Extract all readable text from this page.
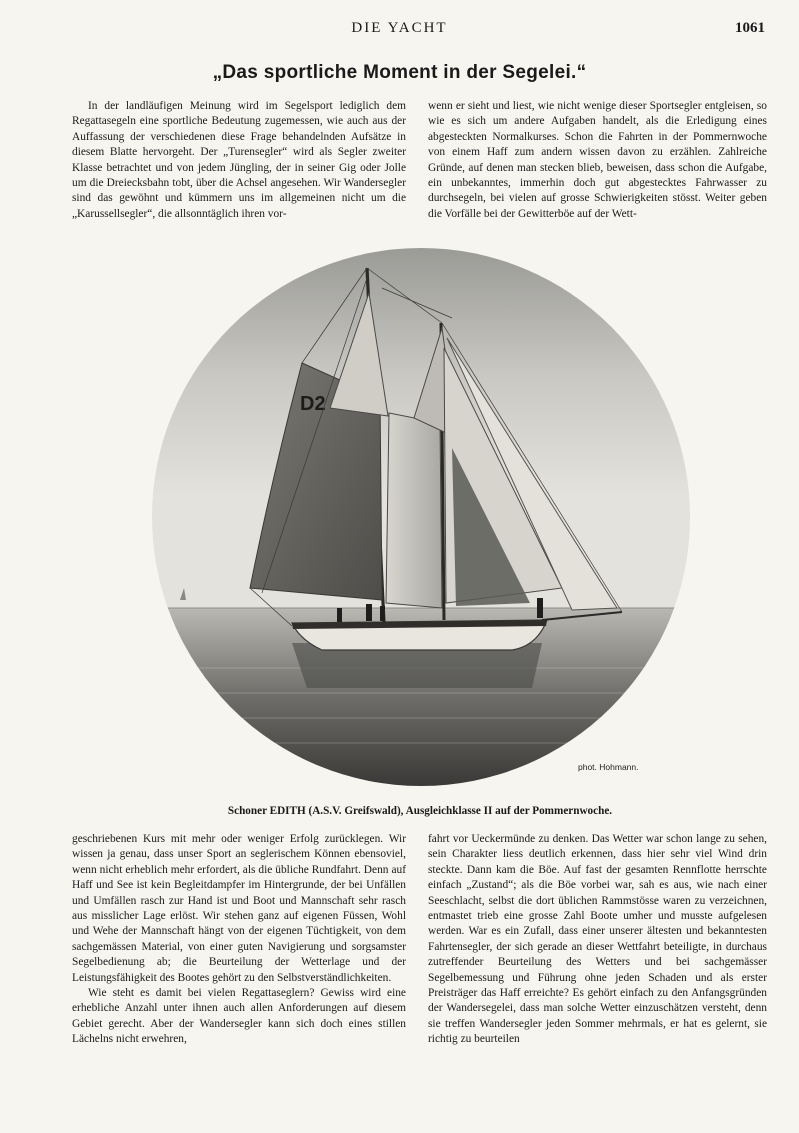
DIE YACHT	1061
„Das sportliche Moment in der Segelei.“

In der landläufigen Meinung wird im Segelsport lediglich dem Regattasegeln eine sportliche Bedeutung zugemessen, wie auch aus der Auffassung der verschiedenen diese Frage behandelnden Aufsätze in diesem Blatte hervorgeht. Der „Turensegler“ wird als Segler zweiter Klasse betrachtet und von jedem Jüngling, der in seiner Gig oder Jolle um die Dreiecksbahn tobt, über die Achsel angesehen. Wir Wandersegler sind das gewöhnt und kümmern uns im allgemeinen nicht um die „Karussellsegler“, die allsonntäglich ihren vor-

wenn er sieht und liest, wie nicht wenige dieser Sportsegler entgleisen, so wie es sich um andere Aufgaben handelt, als die Erledigung eines abgesteckten Normalkurses. Schon die Fahrten in der Pommernwoche von einem Haff zum andern wissen davon zu erzählen. Zahlreiche Gründe, auf denen man stecken blieb, beweisen, dass schon die Aufgabe, ein unbekanntes, immerhin doch gut abgestecktes Fahrwasser zu durchsegeln, bei vielen auf grosse Schwierigkeiten stösst. Weiter geben die Vorfälle bei der Gewitterböe auf der Wett-

D2
phot. Hohmann.
Schoner EDITH (A.S.V. Greifswald), Ausgleichklasse II auf der Pommernwoche.

geschriebenen Kurs mit mehr oder weniger Erfolg zurücklegen. Wir wissen ja genau, dass unser Sport an seglerischem Können ebensoviel, wenn nicht erheblich mehr erfordert, als die übliche Rundfahrt. Denn auf Haff und See ist kein Begleitdampfer im Hintergrunde, der bei Unfällen und Umfällen rasch zur Hand ist und Boot und Mannschaft sehr rasch aus misslicher Lage erlöst. Wir stehen ganz auf eigenen Füssen, Wohl und Wehe der Mannschaft hängt von der eigenen Tüchtigkeit, von dem sachgemässen Material, von einer guten Navigierung und sorgsamster Segelbedienung ab; die Beurteilung der Wetterlage und der Leistungsfähigkeit des Bootes gehört zu den Selbstverständlichkeiten.

Wie steht es damit bei vielen Regattaseglern? Gewiss wird eine erhebliche Anzahl unter ihnen auch allen Anforderungen auf diesem Gebiet gerecht. Aber der Wandersegler kann sich doch eines stillen Lächelns nicht erwehren,

fahrt vor Ueckermünde zu denken. Das Wetter war schon lange zu sehen, sein Charakter liess deutlich erkennen, dass hier sehr viel Wind drin steckte. Dann kam die Böe. Auf fast der gesamten Rennflotte herrschte einfach „Zustand“; als die Böe vorbei war, sah es aus, wie nach einer Seeschlacht, selbst die dort üblichen Rammstösse waren zu verzeichnen, entmastet trieb eine grosse Zahl Boote umher und musste aufgelesen werden. War es ein Zufall, dass einer unserer ältesten und bekanntesten Fahrtensegler, der sich gerade an dieser Wettfahrt beteiligte, in durchaus zutreffender Beurteilung des Wetters und bei sachgemässer Segelbemessung und Führung ohne jeden Schaden und als erster Preisträger das Haff erreichte? Es gehört einfach zu den Anfangsgründen der Wandersegelei, dass man solche Wetter einzuschätzen versteht, denn sie treffen Wandersegler jeden Sommer mehrmals, er hat es gelernt, sie richtig zu beurteilen
